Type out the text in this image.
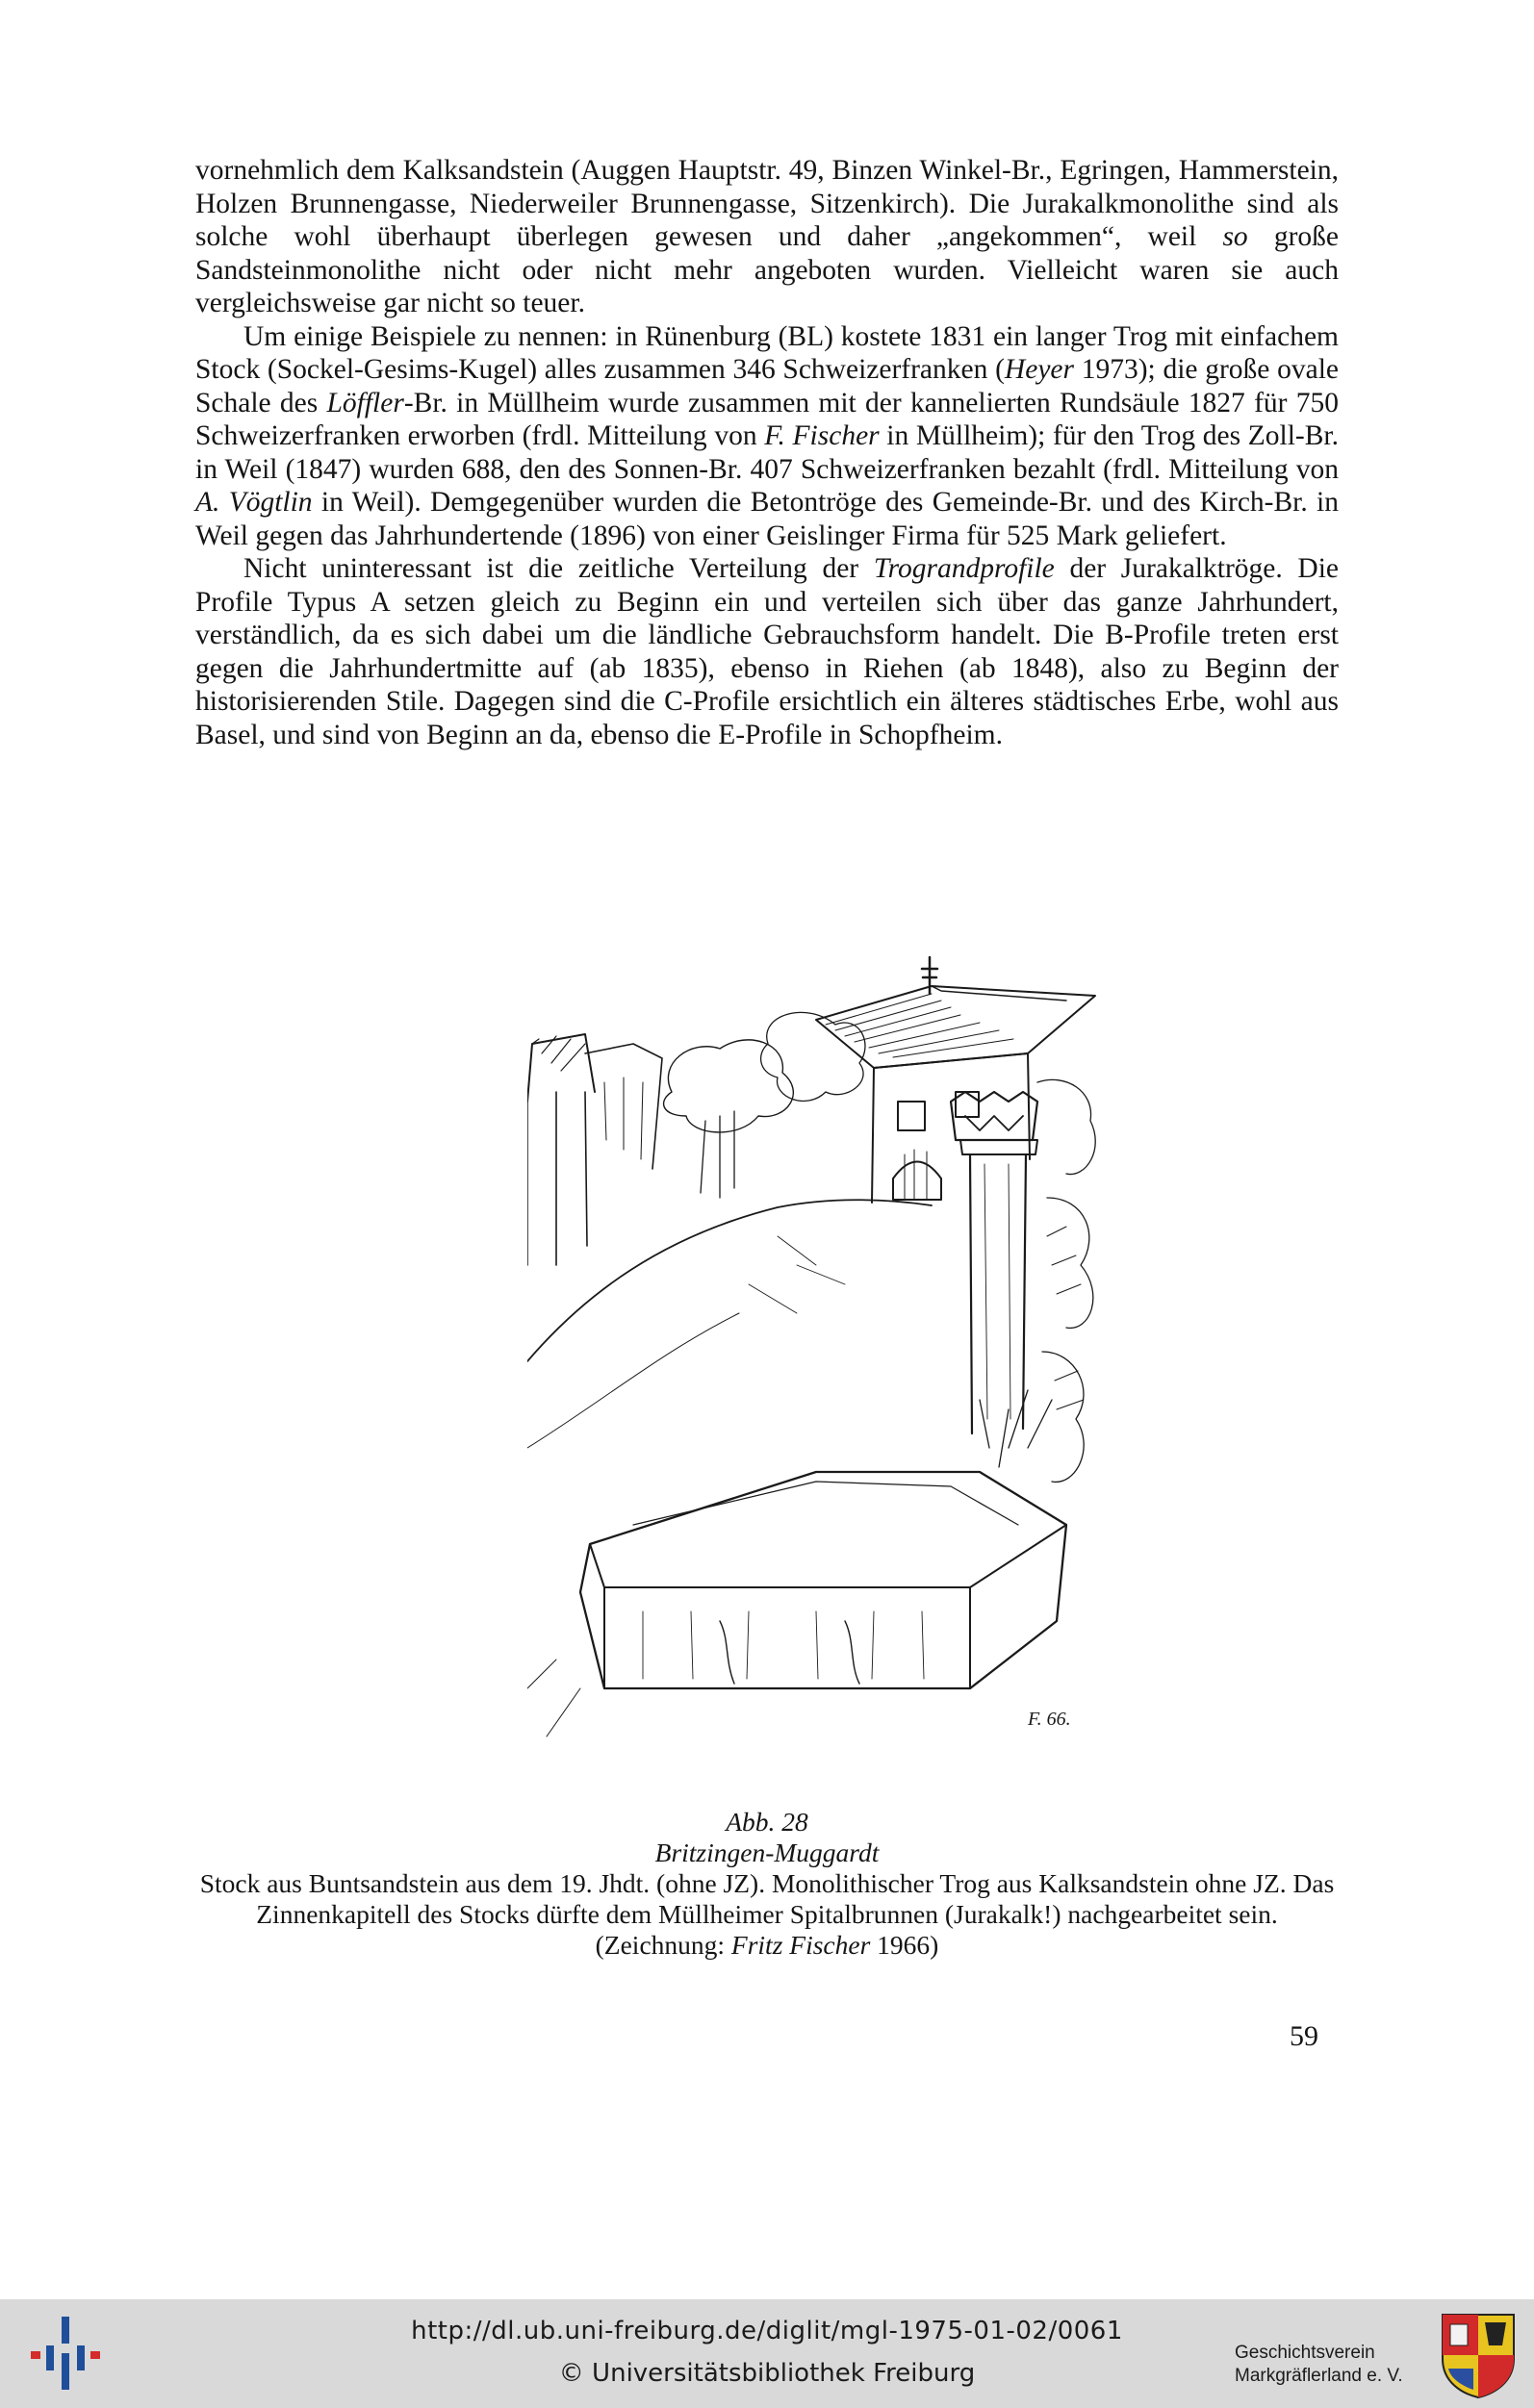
vornehmlich dem Kalksandstein (Auggen Hauptstr. 49, Binzen Winkel-Br., Egringen, Hammerstein, Holzen Brunnengasse, Niederweiler Brunnengasse, Sitzenkirch). Die Jurakalkmonolithe sind als solche wohl überhaupt überlegen gewesen und daher „angekommen“, weil so große Sandsteinmonolithe nicht oder nicht mehr angeboten wurden. Vielleicht waren sie auch vergleichsweise gar nicht so teuer.

Um einige Beispiele zu nennen: in Rünenburg (BL) kostete 1831 ein langer Trog mit einfachem Stock (Sockel-Gesims-Kugel) alles zusammen 346 Schweizerfranken (Heyer 1973); die große ovale Schale des Löffler-Br. in Müllheim wurde zusammen mit der kannelierten Rundsäule 1827 für 750 Schweizerfranken erworben (frdl. Mitteilung von F. Fischer in Müllheim); für den Trog des Zoll-Br. in Weil (1847) wurden 688, den des Sonnen-Br. 407 Schweizerfranken bezahlt (frdl. Mitteilung von A. Vögtlin in Weil). Demgegenüber wurden die Betontröge des Gemeinde-Br. und des Kirch-Br. in Weil gegen das Jahrhundertende (1896) von einer Geislinger Firma für 525 Mark geliefert.

Nicht uninteressant ist die zeitliche Verteilung der Trograndprofile der Jurakalktröge. Die Profile Typus A setzen gleich zu Beginn ein und verteilen sich über das ganze Jahrhundert, verständlich, da es sich dabei um die ländliche Gebrauchsform handelt. Die B-Profile treten erst gegen die Jahrhundertmitte auf (ab 1835), ebenso in Riehen (ab 1848), also zu Beginn der historisierenden Stile. Dagegen sind die C-Profile ersichtlich ein älteres städtisches Erbe, wohl aus Basel, und sind von Beginn an da, ebenso die E-Profile in Schopfheim.

F. 66.
Abb. 28
Britzingen-Muggardt
Stock aus Buntsandstein aus dem 19. Jhdt. (ohne JZ). Monolithischer Trog aus Kalksandstein ohne JZ. Das Zinnenkapitell des Stocks dürfte dem Müllheimer Spitalbrunnen (Jurakalk!) nachgearbeitet sein.
(Zeichnung: Fritz Fischer 1966)
59
http://dl.ub.uni-freiburg.de/diglit/mgl-1975-01-02/0061
© Universitätsbibliothek Freiburg
Geschichtsverein
Markgräflerland e. V.
